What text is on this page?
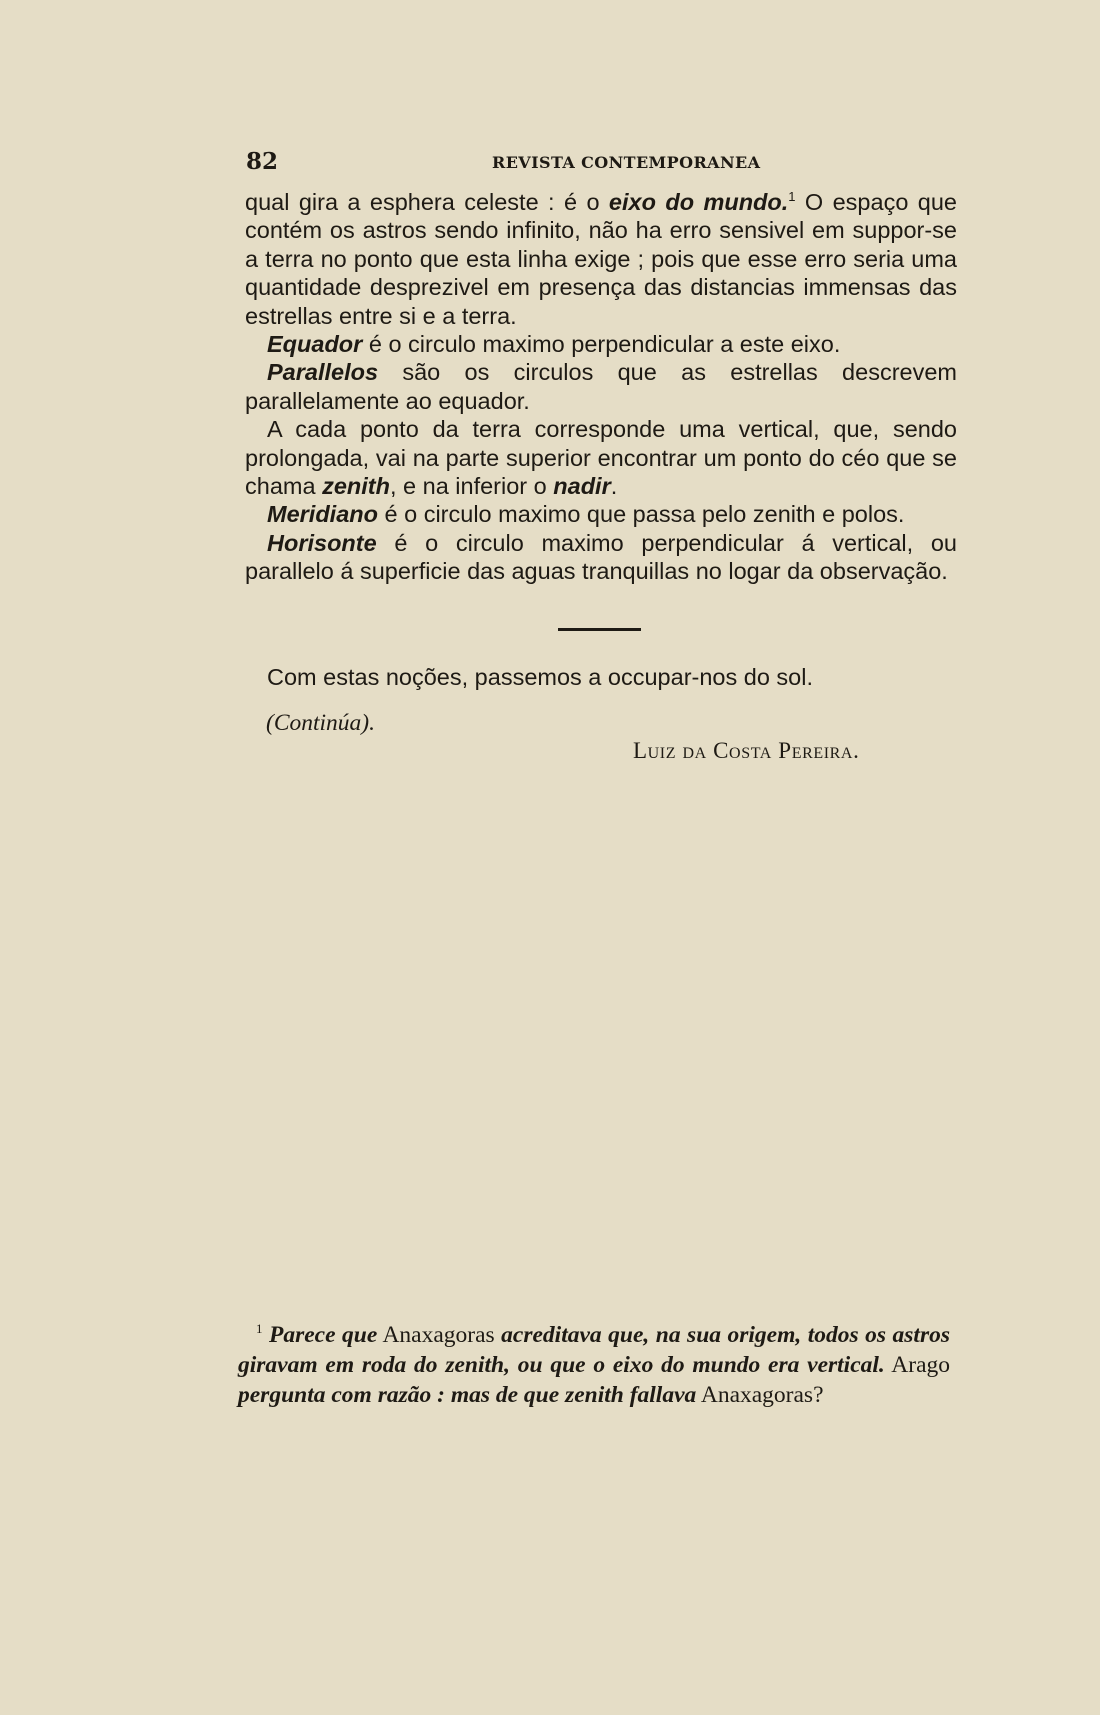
82	REVISTA CONTEMPORANEA

qual gira a esphera celeste : é o eixo do mundo.$^1$ O espaço que contém os astros sendo infinito, não ha erro sensivel em suppor-se a terra no ponto que esta linha exige ; pois que esse erro seria uma quantidade desprezivel em presença das distancias immensas das estrellas entre si e a terra.

Equador é o circulo maximo perpendicular a este eixo.

Parallelos são os circulos que as estrellas descrevem parallelamente ao equador.

A cada ponto da terra corresponde uma vertical, que, sendo prolongada, vai na parte superior encontrar um ponto do céo que se chama zenith, e na inferior o nadir.

Meridiano é o circulo maximo que passa pelo zenith e polos.

Horisonte é o circulo maximo perpendicular á vertical, ou parallelo á superficie das aguas tranquillas no logar da observação.

Com estas noções, passemos a occupar-nos do sol.
(Continúa).
Luiz da Costa Pereira.

$^1$ Parece que Anaxagoras acreditava que, na sua origem, todos os astros giravam em roda do zenith, ou que o eixo do mundo era vertical. Arago pergunta com razão : mas de que zenith fallava Anaxagoras?
